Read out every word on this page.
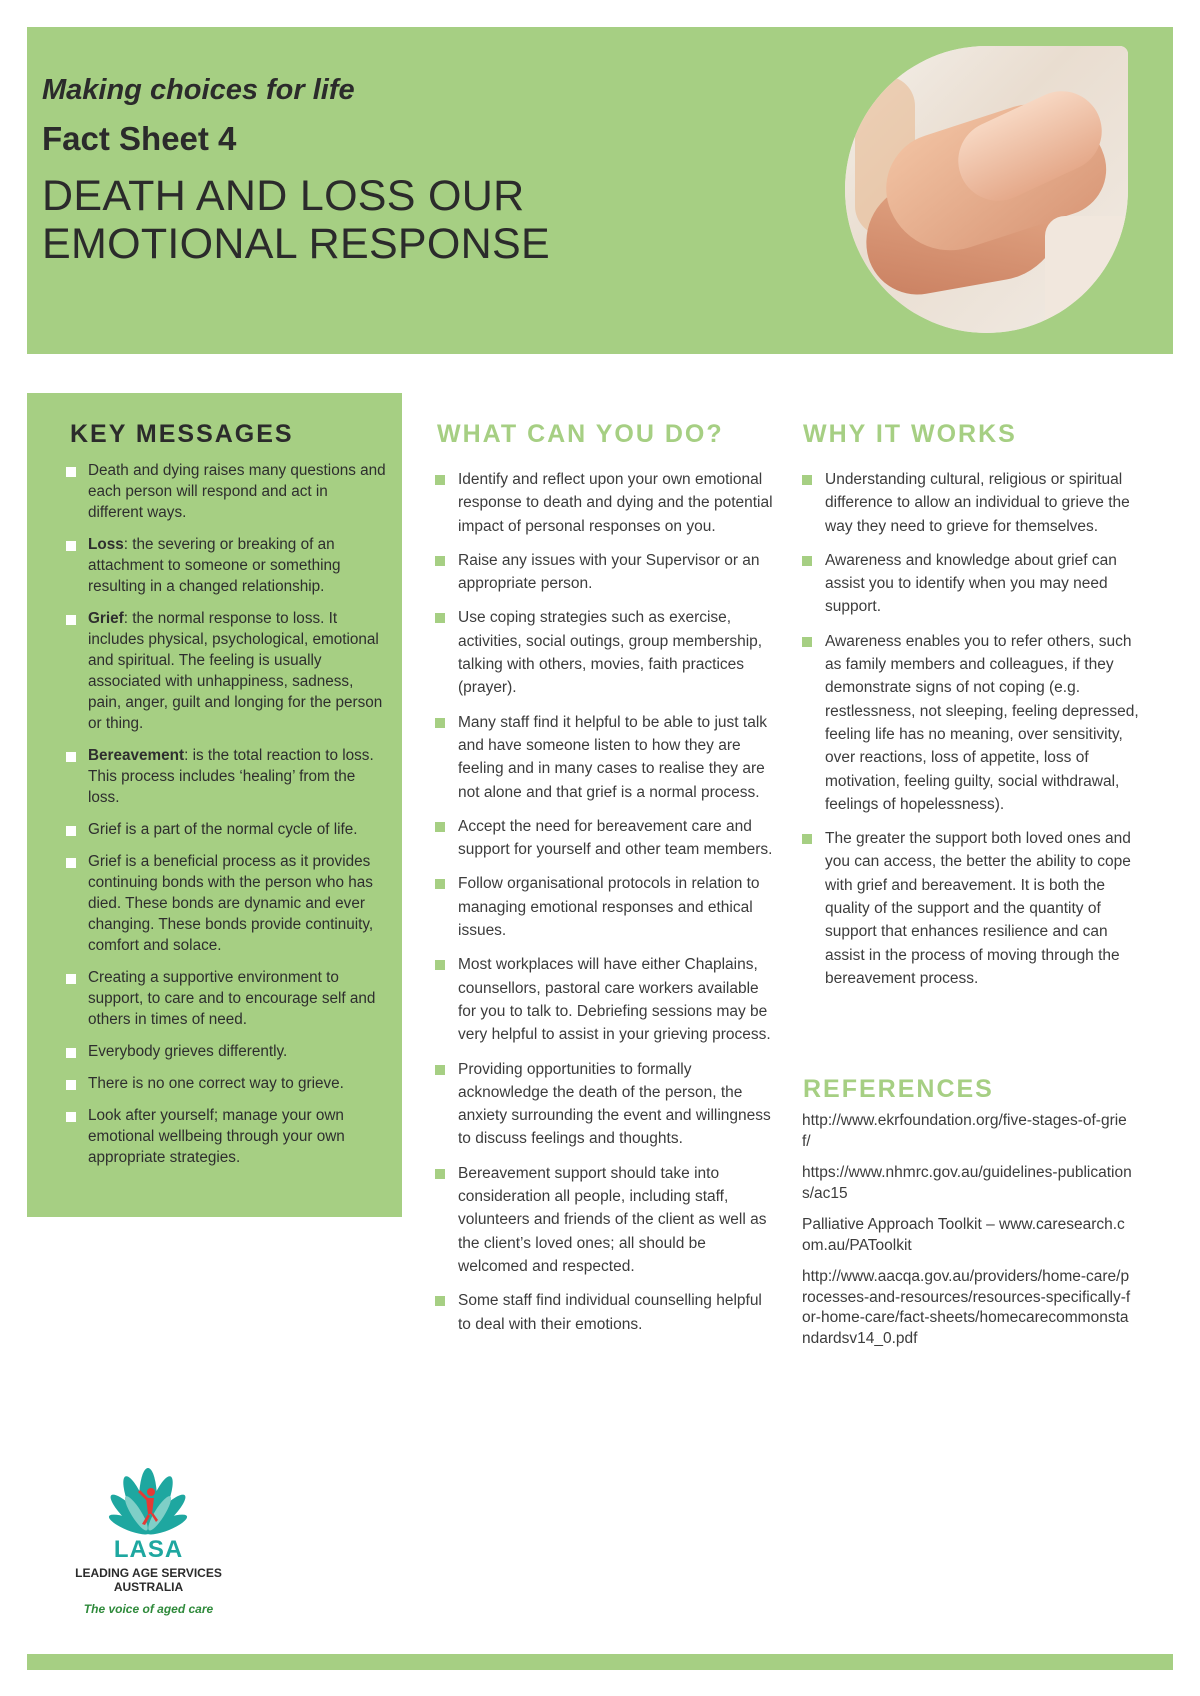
Making choices for life
Fact Sheet 4
DEATH AND LOSS OUR
EMOTIONAL RESPONSE
KEY MESSAGES
Death and dying raises many questions and each person will respond and act in different ways.
Loss: the severing or breaking of an attachment to someone or something resulting in a changed relationship.
Grief: the normal response to loss. It includes physical, psychological, emotional and spiritual. The feeling is usually associated with unhappiness, sadness, pain, anger, guilt and longing for the person or thing.
Bereavement: is the total reaction to loss. This process includes ‘healing’ from the loss.
Grief is a part of the normal cycle of life.
Grief is a beneficial process as it provides continuing bonds with the person who has died. These bonds are dynamic and ever changing. These bonds provide continuity, comfort and solace.
Creating a supportive environment to support, to care and to encourage self and others in times of need.
Everybody grieves differently.
There is no one correct way to grieve.
Look after yourself; manage your own emotional wellbeing through your own appropriate strategies.
WHAT CAN YOU DO?
Identify and reflect upon your own emotional response to death and dying and the potential impact of personal responses on you.
Raise any issues with your Supervisor or an appropriate person.
Use coping strategies such as exercise, activities, social outings, group membership, talking with others, movies, faith practices (prayer).
Many staff find it helpful to be able to just talk and have someone listen to how they are feeling and in many cases to realise they are not alone and that grief is a normal process.
Accept the need for bereavement care and support for yourself and other team members.
Follow organisational protocols in relation to managing emotional responses and ethical issues.
Most workplaces will have either Chaplains, counsellors, pastoral care workers available for you to talk to. Debriefing sessions may be very helpful to assist in your grieving process.
Providing opportunities to formally acknowledge the death of the person, the anxiety surrounding the event and willingness to discuss feelings and thoughts.
Bereavement support should take into consideration all people, including staff, volunteers and friends of the client as well as the client’s loved ones; all should be welcomed and respected.
Some staff find individual counselling helpful to deal with their emotions.
WHY IT WORKS
Understanding cultural, religious or spiritual difference to allow an individual to grieve the way they need to grieve for themselves.
Awareness and knowledge about grief can assist you to identify when you may need support.
Awareness enables you to refer others, such as family members and colleagues, if they demonstrate signs of not coping (e.g. restlessness, not sleeping, feeling depressed, feeling life has no meaning, over sensitivity, over reactions, loss of appetite, loss of motivation, feeling guilty, social withdrawal, feelings of hopelessness).
The greater the support both loved ones and you can access, the better the ability to cope with grief and bereavement. It is both the quality of the support and the quantity of support that enhances resilience and can assist in the process of moving through the bereavement process.
REFERENCES
http://www.ekrfoundation.org/five-stages-of-grief/
https://www.nhmrc.gov.au/guidelines-publications/ac15
Palliative Approach Toolkit – www.caresearch.com.au/PAToolkit
http://www.aacqa.gov.au/providers/home-care/processes-and-resources/resources-specifically-for-home-care/fact-sheets/homecarecommonstandardsv14_0.pdf
LASA
LEADING AGE SERVICES
AUSTRALIA
The voice of aged care
